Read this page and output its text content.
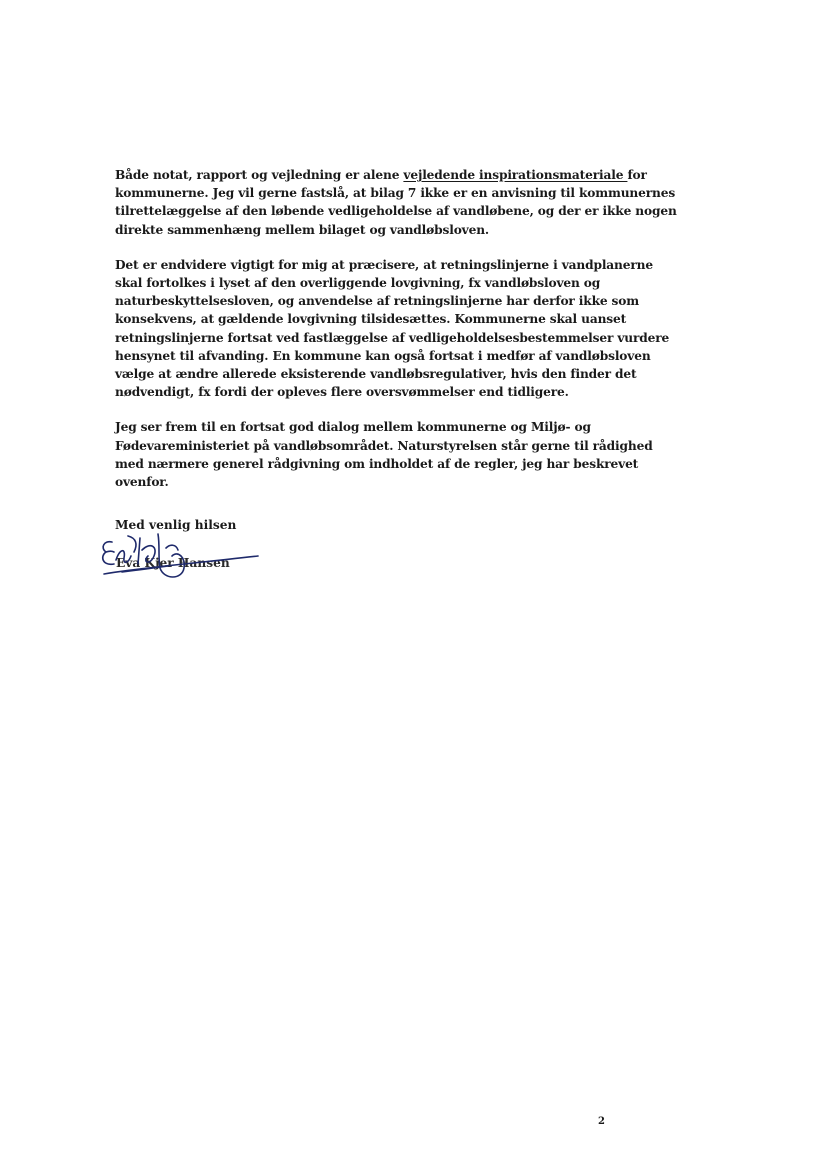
Både notat, rapport og vejledning er alene vejledende inspirationsmateriale for
kommunerne. Jeg vil gerne fastslå, at bilag 7 ikke er en anvisning til kommunernes
tilrettelæggelse af den løbende vedligeholdelse af vandløbene, og der er ikke nogen
direkte sammenhæng mellem bilaget og vandløbsloven.

Det er endvidere vigtigt for mig at præcisere, at retningslinjerne i vandplanerne
skal fortolkes i lyset af den overliggende lovgivning, fx vandløbsloven og
naturbeskyttelsesloven, og anvendelse af retningslinjerne har derfor ikke som
konsekvens, at gældende lovgivning tilsidesættes. Kommunerne skal uanset
retningslinjerne fortsat ved fastlæggelse af vedligeholdelsesbestemmelser vurdere
hensynet til afvanding. En kommune kan også fortsat i medfør af vandløbsloven
vælge at ændre allerede eksisterende vandløbsregulativer, hvis den finder det
nødvendigt, fx fordi der opleves flere oversvømmelser end tidligere.

Jeg ser frem til en fortsat god dialog mellem kommunerne og Miljø- og
Fødevareministeriet på vandløbsområdet. Naturstyrelsen står gerne til rådighed
med nærmere generel rådgivning om indholdet af de regler, jeg har beskrevet
ovenfor.

Med venlig hilsen
Eva Kjer Hansen
2
